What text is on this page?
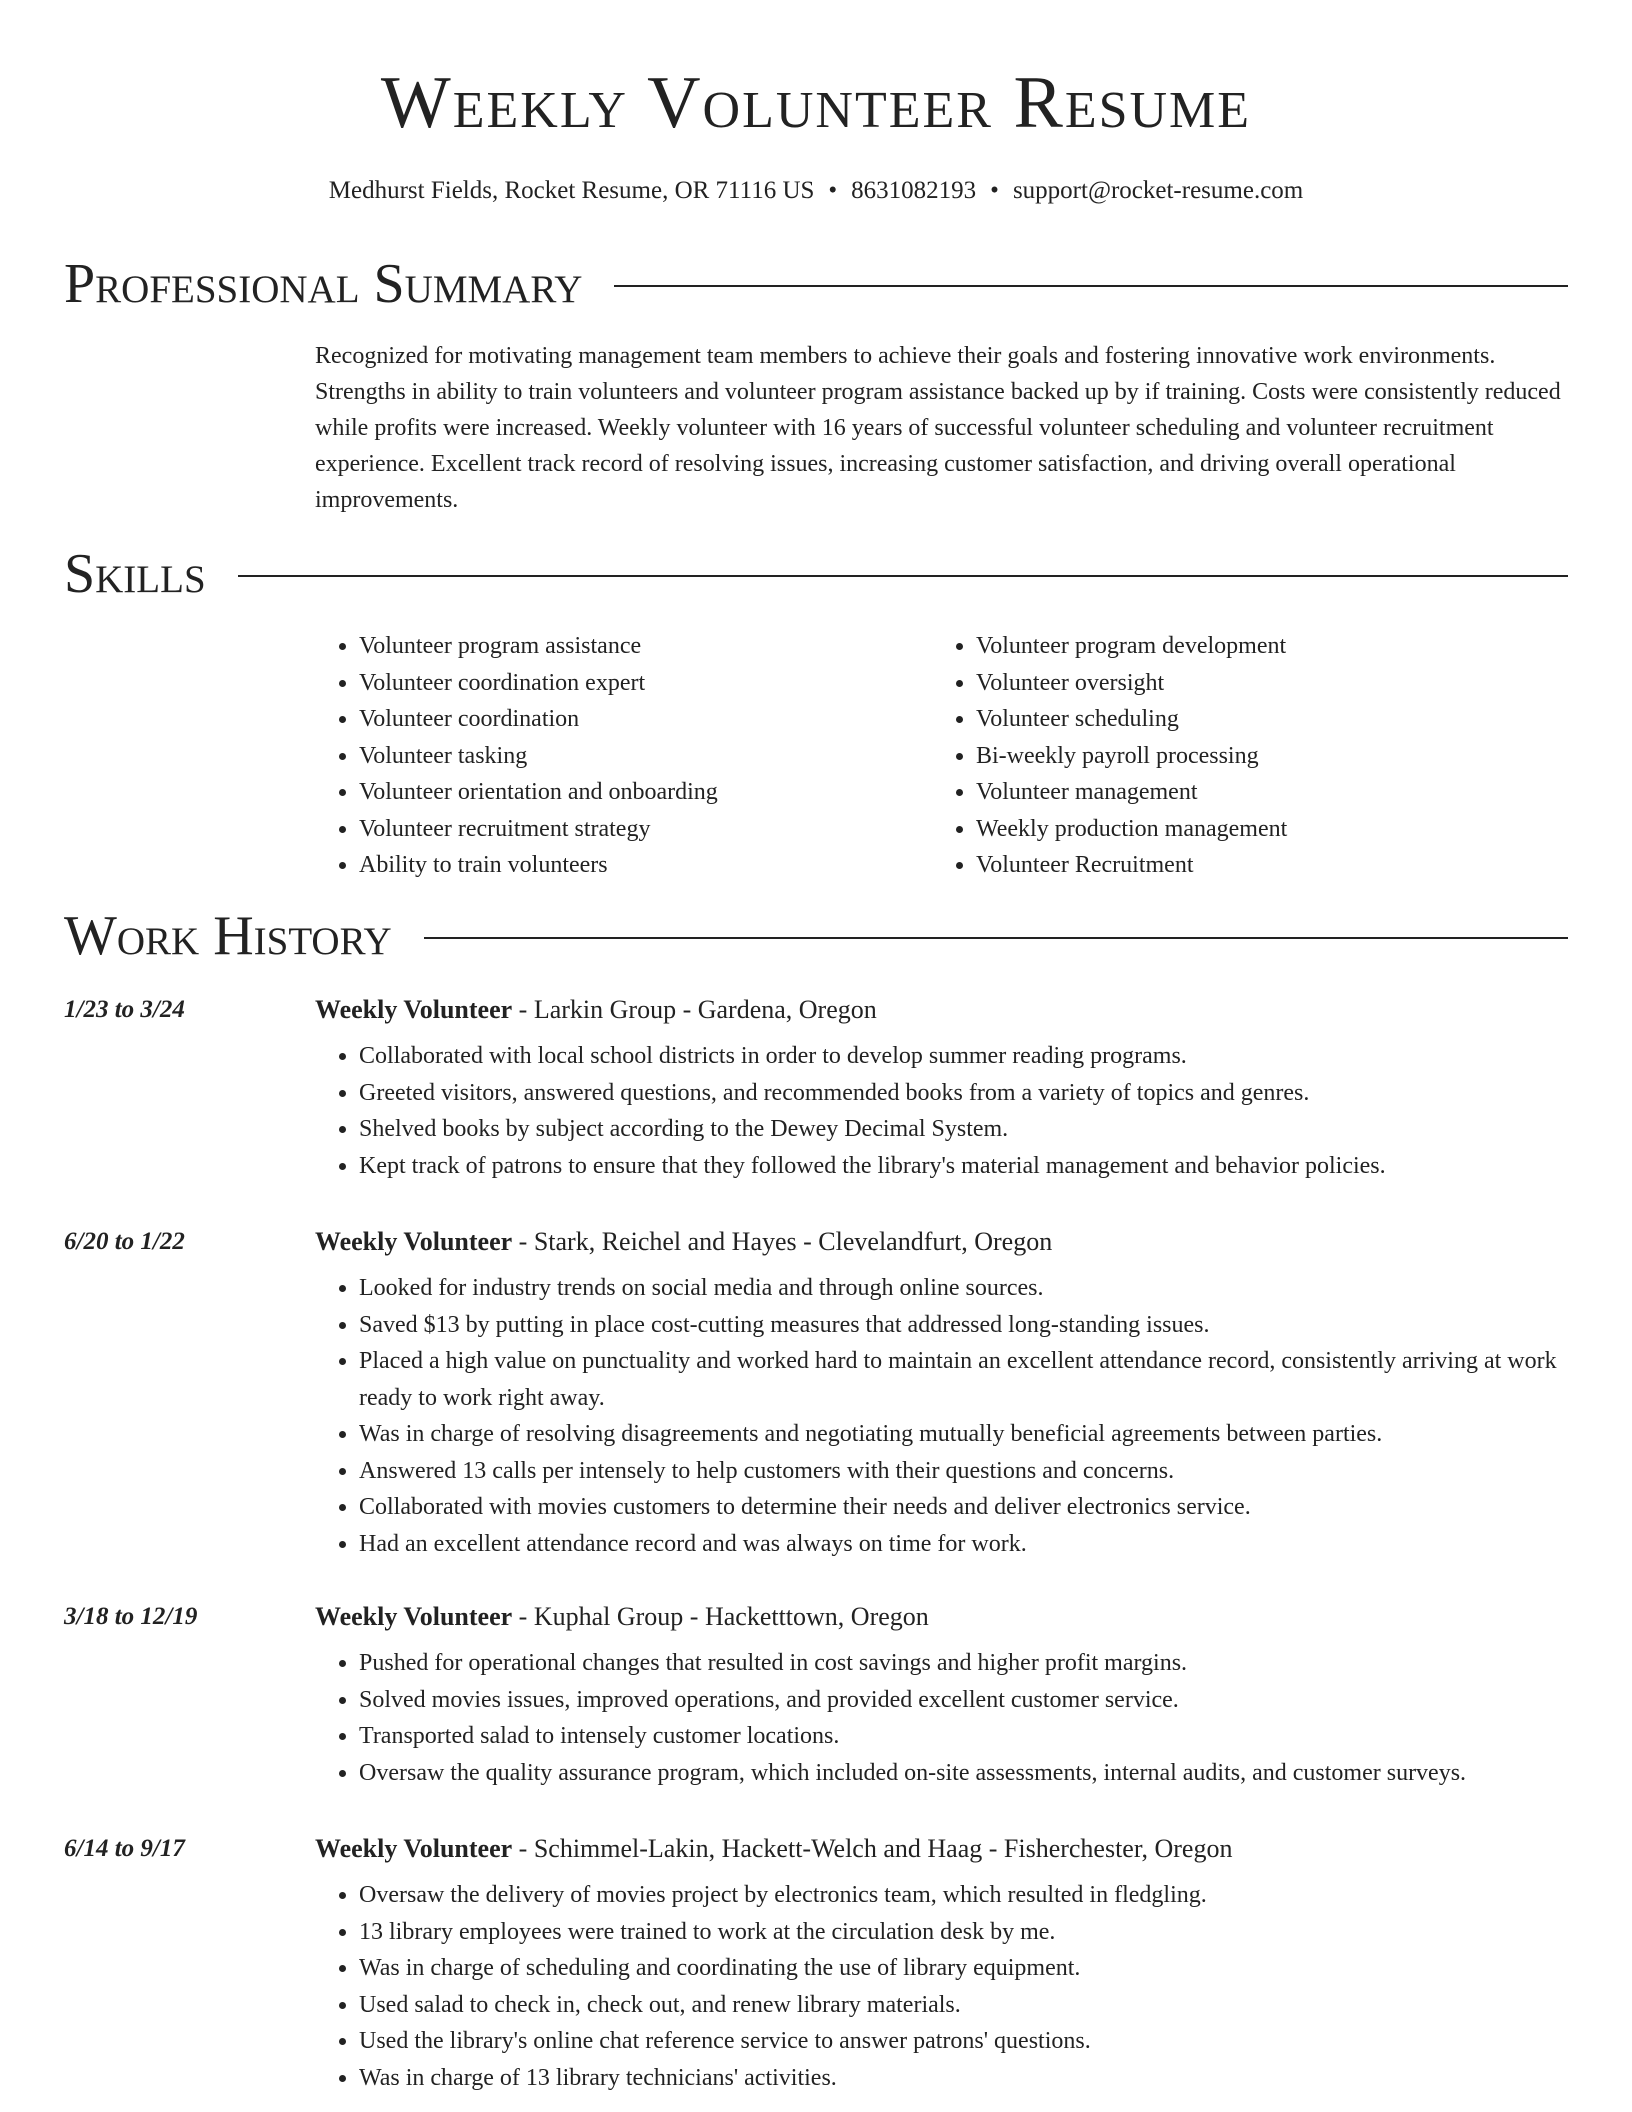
Weekly Volunteer Resume
Medhurst Fields, Rocket Resume, OR 71116 US • 8631082193 • support@rocket-resume.com
Professional Summary

Recognized for motivating management team members to achieve their goals and fostering innovative work environments. Strengths in ability to train volunteers and volunteer program assistance backed up by if training. Costs were consistently reduced while profits were increased. Weekly volunteer with 16 years of successful volunteer scheduling and volunteer recruitment experience. Excellent track record of resolving issues, increasing customer satisfaction, and driving overall operational improvements.

Skills
• Volunteer program assistance
• Volunteer coordination expert
• Volunteer coordination
• Volunteer tasking
• Volunteer orientation and onboarding
• Volunteer recruitment strategy
• Ability to train volunteers
• Volunteer program development
• Volunteer oversight
• Volunteer scheduling
• Bi-weekly payroll processing
• Volunteer management
• Weekly production management
• Volunteer Recruitment
Work History
1/23 to 3/24	Weekly Volunteer - Larkin Group - Gardena, Oregon
• Collaborated with local school districts in order to develop summer reading programs.
• Greeted visitors, answered questions, and recommended books from a variety of topics and genres.
• Shelved books by subject according to the Dewey Decimal System.
• Kept track of patrons to ensure that they followed the library's material management and behavior policies.
6/20 to 1/22	Weekly Volunteer - Stark, Reichel and Hayes - Clevelandfurt, Oregon
• Looked for industry trends on social media and through online sources.
• Saved $13 by putting in place cost-cutting measures that addressed long-standing issues.
• Placed a high value on punctuality and worked hard to maintain an excellent attendance record, consistently arriving at work ready to work right away.
• Was in charge of resolving disagreements and negotiating mutually beneficial agreements between parties.
• Answered 13 calls per intensely to help customers with their questions and concerns.
• Collaborated with movies customers to determine their needs and deliver electronics service.
• Had an excellent attendance record and was always on time for work.
3/18 to 12/19	Weekly Volunteer - Kuphal Group - Hacketttown, Oregon
• Pushed for operational changes that resulted in cost savings and higher profit margins.
• Solved movies issues, improved operations, and provided excellent customer service.
• Transported salad to intensely customer locations.
• Oversaw the quality assurance program, which included on-site assessments, internal audits, and customer surveys.
6/14 to 9/17	Weekly Volunteer - Schimmel-Lakin, Hackett-Welch and Haag - Fisherchester, Oregon
• Oversaw the delivery of movies project by electronics team, which resulted in fledgling.
• 13 library employees were trained to work at the circulation desk by me.
• Was in charge of scheduling and coordinating the use of library equipment.
• Used salad to check in, check out, and renew library materials.
• Used the library's online chat reference service to answer patrons' questions.
• Was in charge of 13 library technicians' activities.
